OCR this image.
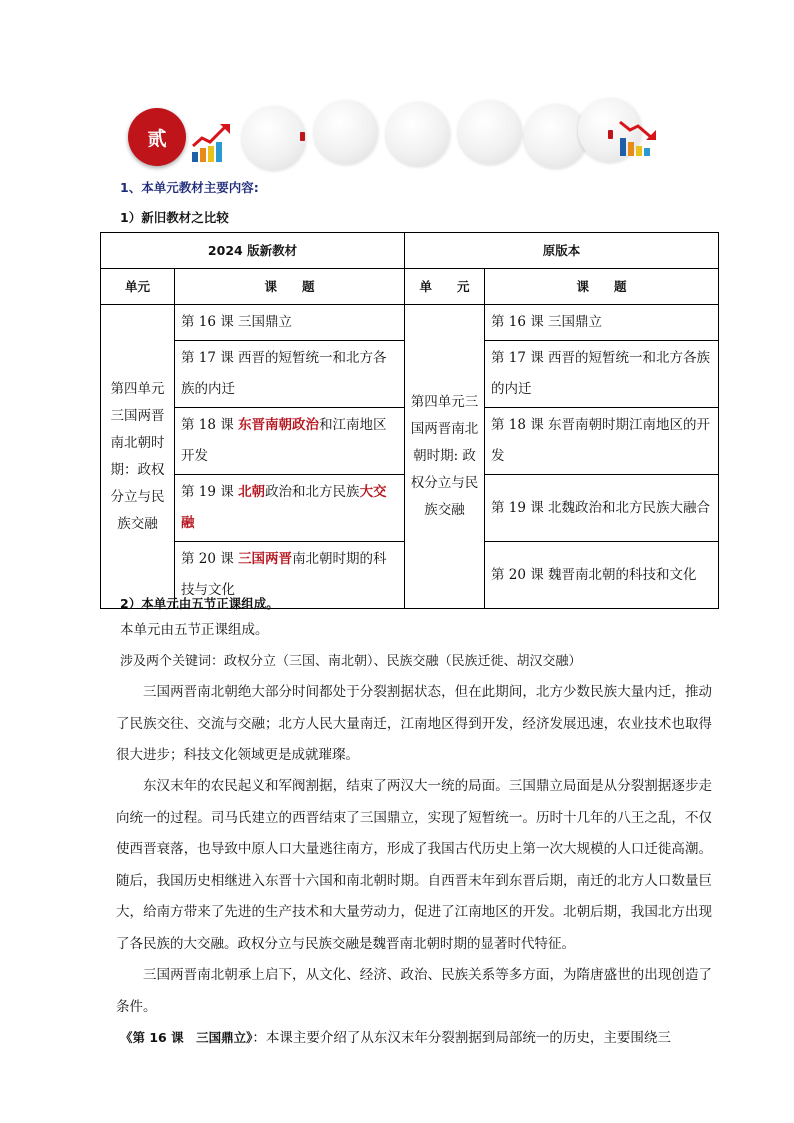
贰
1、本单元教材主要内容:
1）新旧教材之比较
2024 版新教材		原版本	
单元	课　　题	单　　元	课　　题
第四单元三国两晋南北朝时期：政权分立与民族交融	第 16 课 三国鼎立	第四单元三国两晋南北朝时期: 政权分立与民族交融	第 16 课 三国鼎立
	第 17 课 西晋的短暂统一和北方各族的内迁		第 17 课 西晋的短暂统一和北方各族的内迁
	第 18 课 东晋南朝政治和江南地区开发		第 18 课 东晋南朝时期江南地区的开发
	第 19 课 北朝政治和北方民族大交融		第 19 课 北魏政治和北方民族大融合
	第 20 课 三国两晋南北朝时期的科技与文化		第 20 课 魏晋南北朝的科技和文化
2）本单元由五节正课组成。
本单元由五节正课组成。
涉及两个关键词：政权分立（三国、南北朝）、民族交融（民族迁徙、胡汉交融）
三国两晋南北朝绝大部分时间都处于分裂割据状态，但在此期间，北方少数民族大量内迁，推动了民族交往、交流与交融；北方人民大量南迁，江南地区得到开发，经济发展迅速，农业技术也取得很大进步；科技文化领域更是成就璀璨。
东汉末年的农民起义和军阀割据，结束了两汉大一统的局面。三国鼎立局面是从分裂割据逐步走向统一的过程。司马氏建立的西晋结束了三国鼎立，实现了短暂统一。历时十几年的八王之乱，不仅使西晋衰落，也导致中原人口大量逃往南方，形成了我国古代历史上第一次大规模的人口迁徙高潮。随后，我国历史相继进入东晋十六国和南北朝时期。自西晋末年到东晋后期，南迁的北方人口数量巨大，给南方带来了先进的生产技术和大量劳动力，促进了江南地区的开发。北朝后期，我国北方出现了各民族的大交融。政权分立与民族交融是魏晋南北朝时期的显著时代特征。
三国两晋南北朝承上启下，从文化、经济、政治、民族关系等多方面，为隋唐盛世的出现创造了条件。
《第 16 课　三国鼎立》：本课主要介绍了从东汉末年分裂割据到局部统一的历史，主要围绕三
